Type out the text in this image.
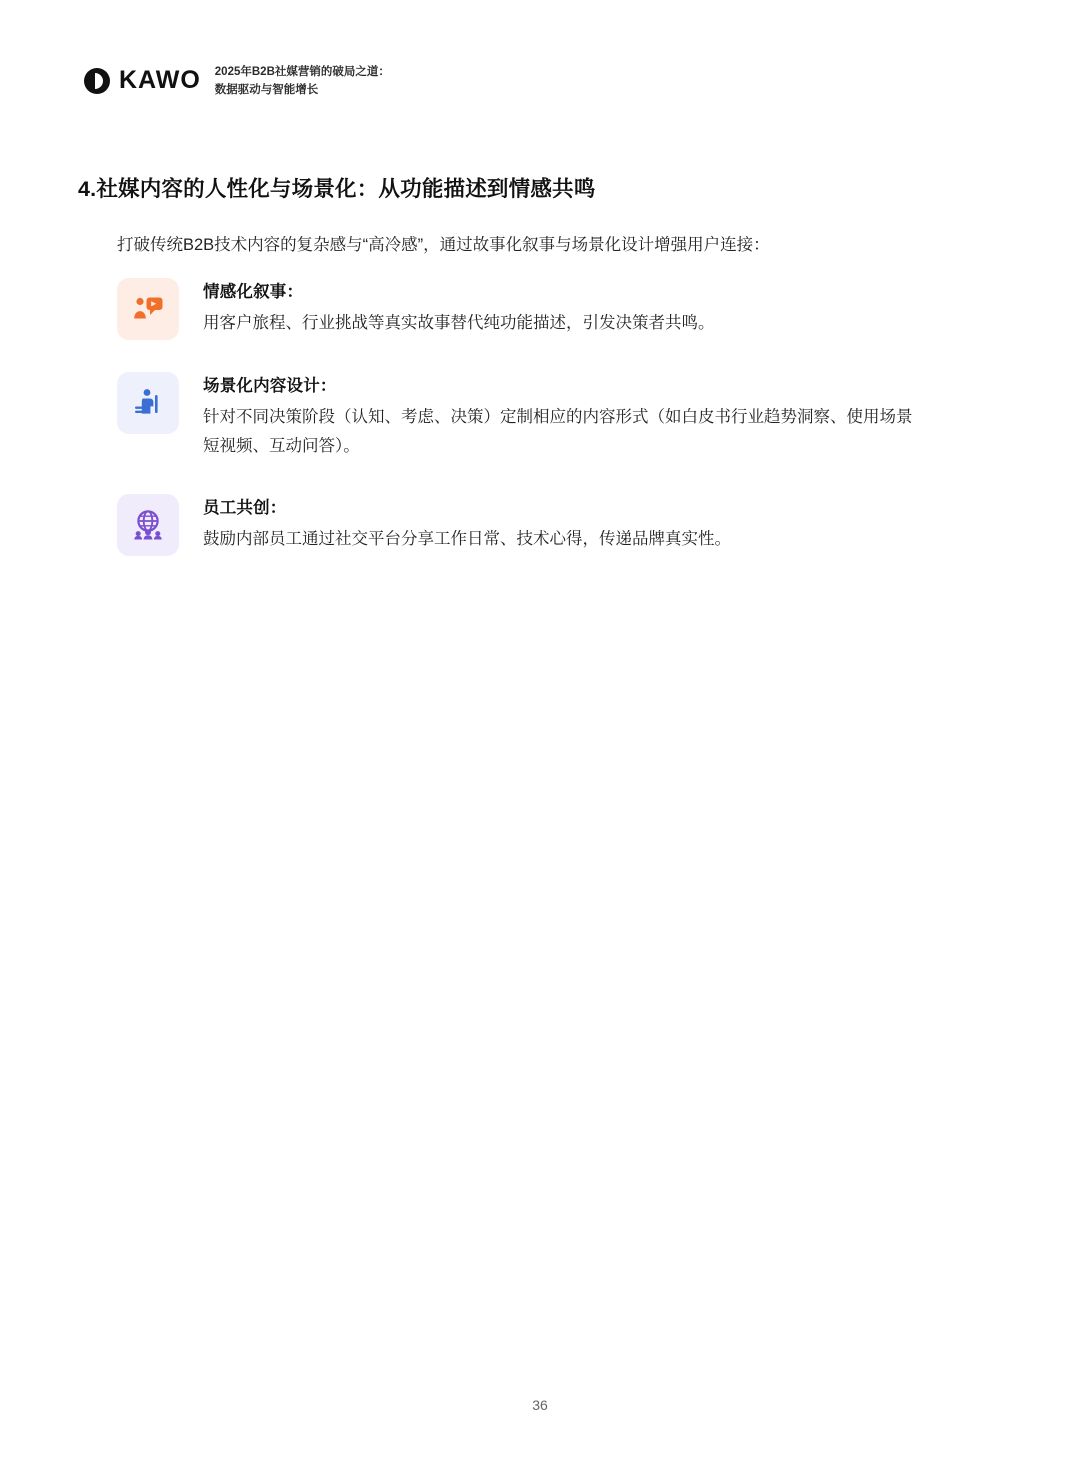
KAWO 2025年B2B社媒营销的破局之道：
数据驱动与智能增长
4.社媒内容的人性化与场景化：从功能描述到情感共鸣

打破传统B2B技术内容的复杂感与“高冷感”，通过故事化叙事与场景化设计增强用户连接：

情感化叙事：
用客户旅程、行业挑战等真实故事替代纯功能描述，引发决策者共鸣。
场景化内容设计：
针对不同决策阶段（认知、考虑、决策）定制相应的内容形式（如白皮书行业趋势洞察、使用场景短视频、互动问答）。
员工共创：
鼓励内部员工通过社交平台分享工作日常、技术心得，传递品牌真实性。
36
